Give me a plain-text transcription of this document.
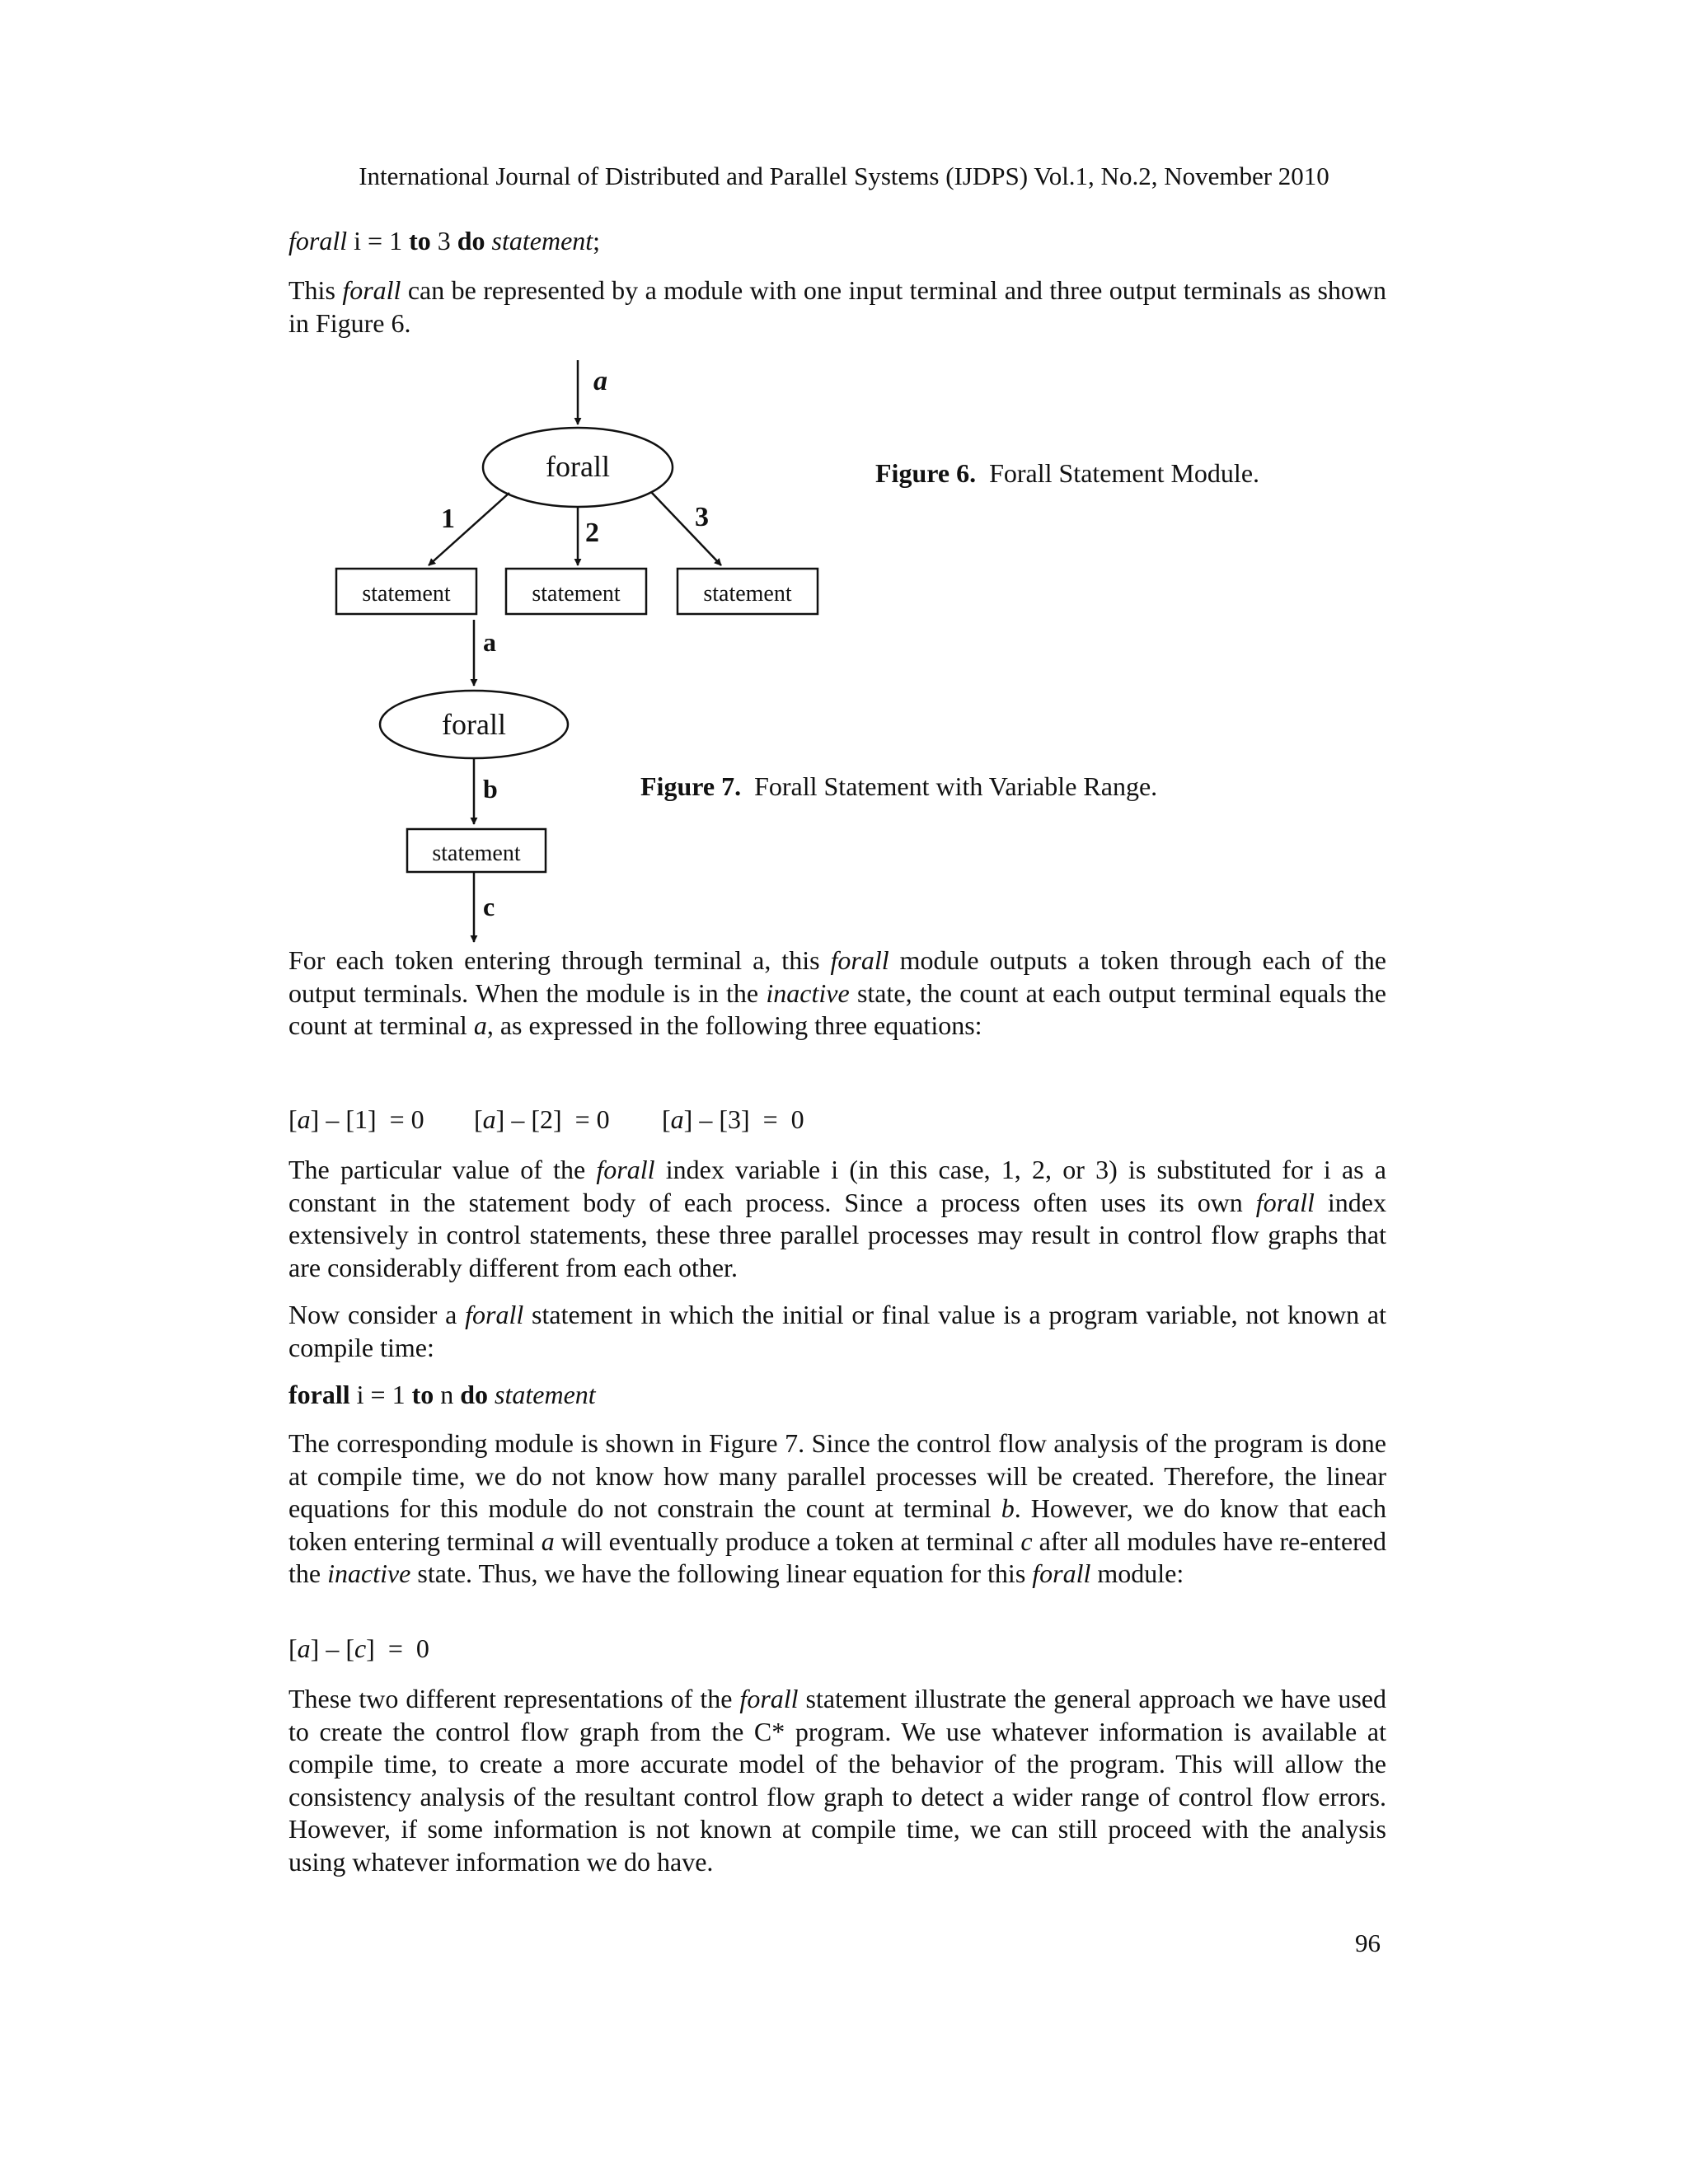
International Journal of Distributed and Parallel Systems (IJDPS) Vol.1, No.2, November 2010
forall i = 1 to 3 do statement;
This forall can be represented by a module with one input terminal and three output terminals as shown in Figure 6.
a
forall
1	2
3
statement	statement	statement
a
forall
b
statement
c
Figure 6. Forall Statement Module.
Figure 7. Forall Statement with Variable Range.
For each token entering through terminal a, this forall module outputs a token through each of the output terminals. When the module is in the inactive state, the count at each output terminal equals the count at terminal a, as expressed in the following three equations:
[a] – [1]  = 0 [a] – [2]  = 0 [a] – [3]  =  0
The particular value of the forall index variable i (in this case, 1, 2, or 3) is substituted for i as a constant in the statement body of each process. Since a process often uses its own forall index extensively in control statements, these three parallel processes may result in control flow graphs that are considerably different from each other.
Now consider a forall statement in which the initial or final value is a program variable, not known at compile time:
forall i = 1 to n do statement
The corresponding module is shown in Figure 7. Since the control flow analysis of the program is done at compile time, we do not know how many parallel processes will be created. Therefore, the linear equations for this module do not constrain the count at terminal b. However, we do know that each token entering terminal a will eventually produce a token at terminal c after all modules have re-entered the inactive state. Thus, we have the following linear equation for this forall module:
[a] – [c]  =  0
These two different representations of the forall statement illustrate the general approach we have used to create the control flow graph from the C* program. We use whatever information is available at compile time, to create a more accurate model of the behavior of the program. This will allow the consistency analysis of the resultant control flow graph to detect a wider range of control flow errors. However, if some information is not known at compile time, we can still proceed with the analysis using whatever information we do have.
96
